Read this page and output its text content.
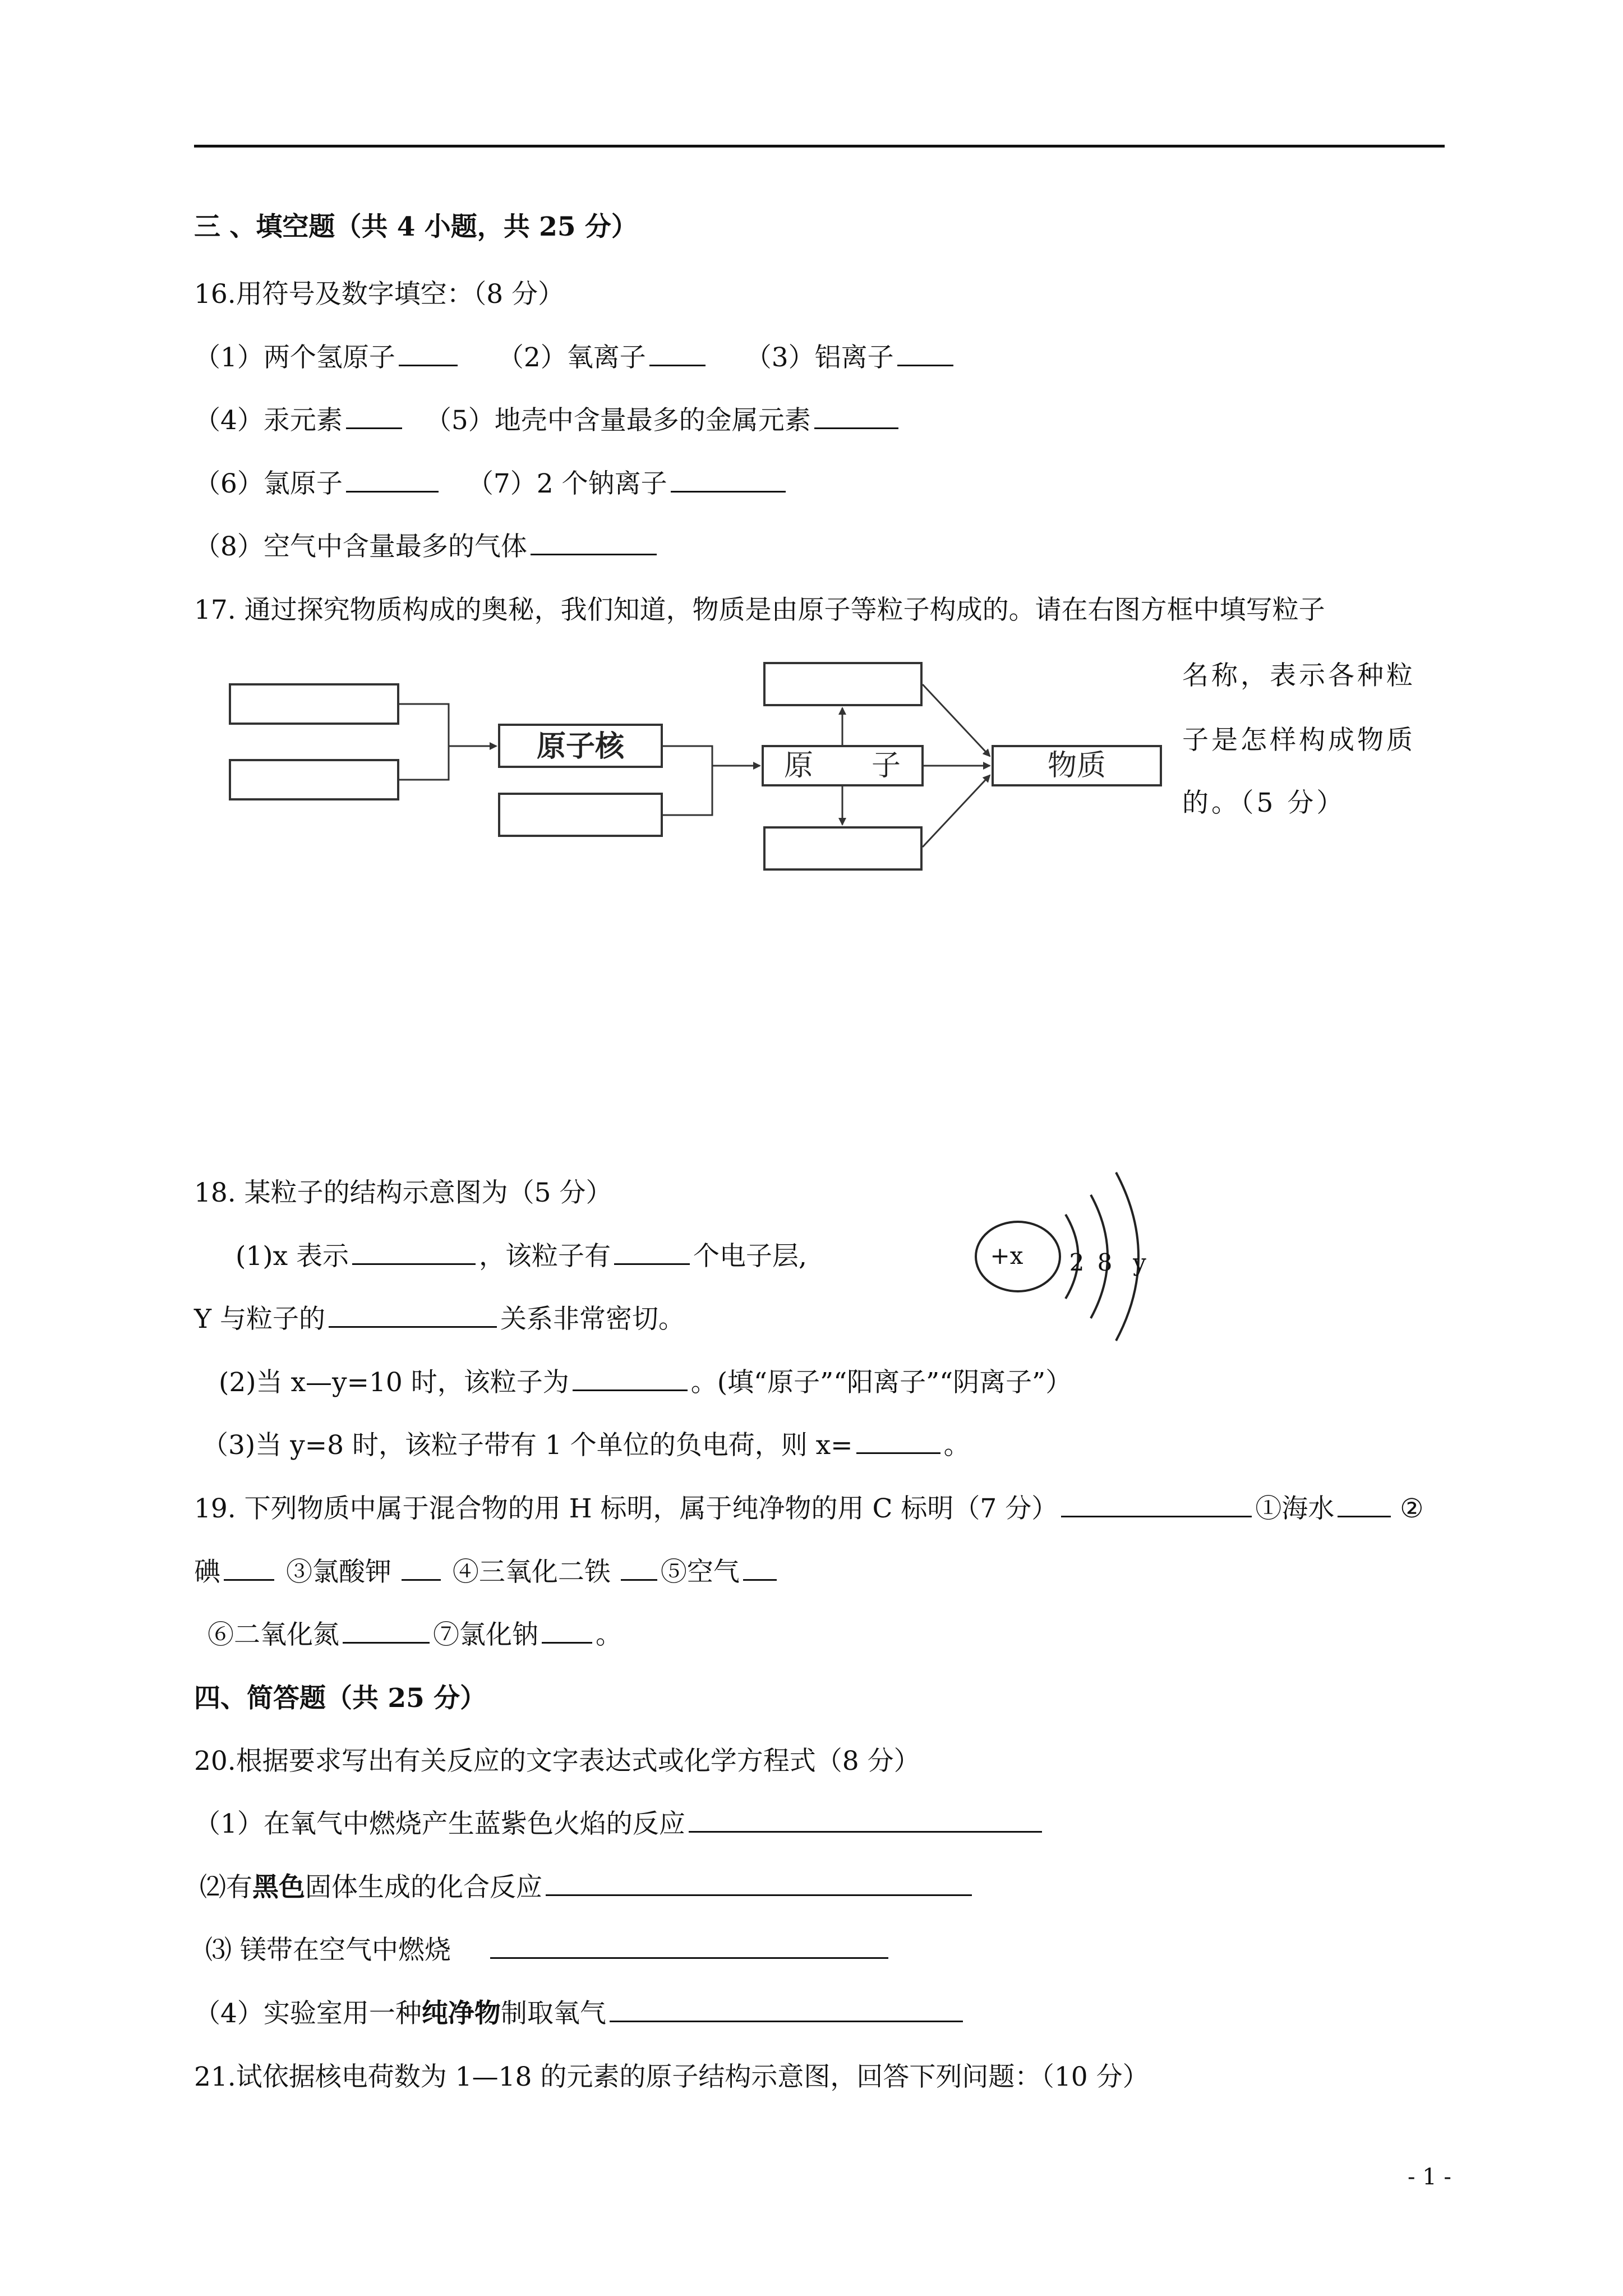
三 、填空题（共 4 小题，共 25 分）
16.用符号及数字填空：（8 分）
（1）两个氢原子	（2）氧离子	（3）铝离子
（4）汞元素	（5）地壳中含量最多的金属元素
（6）氯原子	（7）2 个钠离子
（8）空气中含量最多的气体
17. 通过探究物质构成的奥秘，我们知道，物质是由原子等粒子构成的。请在右图方框中填写粒子
名称，表示各种粒
子是怎样构成物质
的。（5 分）
原子核
原　　子	物质
18. 某粒子的结构示意图为（5 分）
(1)x 表示	，该粒子有	个电子层,
Y 与粒子的	关系非常密切。
(2)当 x—y=10 时，该粒子为	。(填“原子”“阳离子”“阴离子”）
（3)当 y=8 时，该粒子带有 1 个单位的负电荷，则 x=	。
+x 2 8 y
19. 下列物质中属于混合物的用 H 标明，属于纯净物的用 C 标明（7 分）	①海水 ②
碘 ③氯酸钾 ④三氧化二铁 ⑤空气
⑥二氧化氮	⑦氯化钠 。
四、简答题（共 25 分）
20.根据要求写出有关反应的文字表达式或化学方程式（8 分）
（1）在氧气中燃烧产生蓝紫色火焰的反应
⑵有黑色固体生成的化合反应
⑶ 镁带在空气中燃烧
（4）实验室用一种纯净物制取氧气
21.试依据核电荷数为 1—18 的元素的原子结构示意图，回答下列问题：（10 分）
- 1 -
